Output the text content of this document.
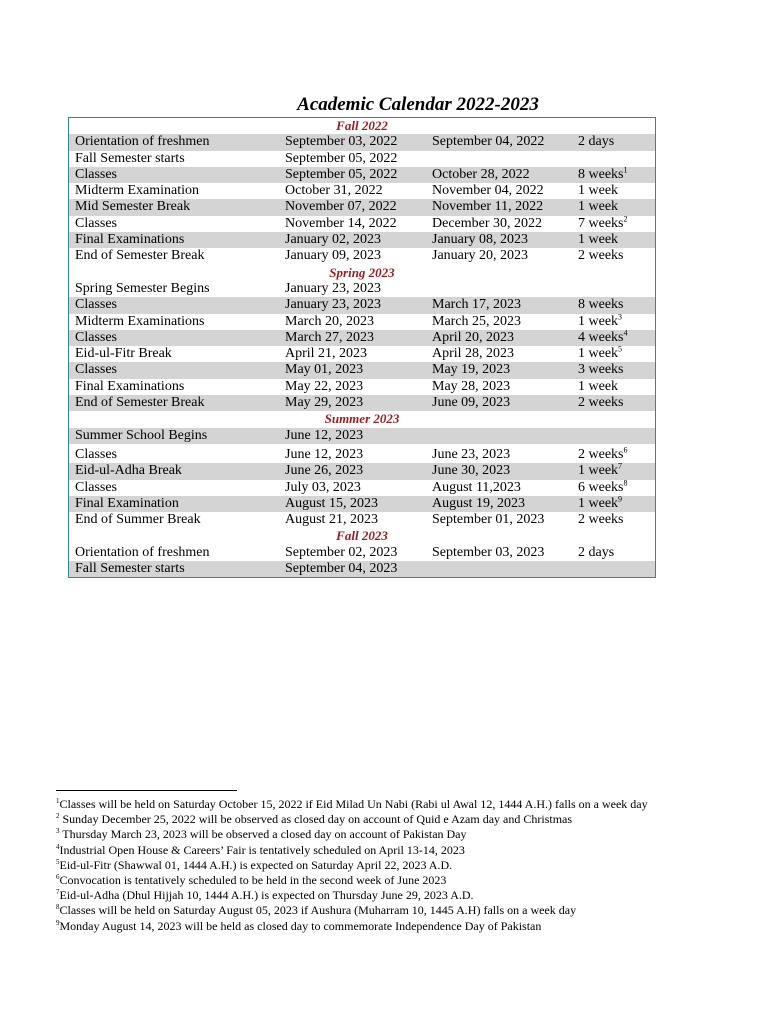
Academic Calendar 2022-2023
Fall 2022
Orientation of freshmen	September 03, 2022 September 04, 2022 2 days
Fall Semester starts	September 05, 2022
Classes	September 05, 2022 October 28, 2022	8 weeks$^1$
Midterm Examination	October 31, 2022	November 04, 2022 1 week
Mid Semester Break	November 07, 2022	November 11, 2022 1 week
Classes	November 14, 2022	December 30, 2022	7 weeks$^2$
Final Examinations	January 02, 2023	January 08, 2023	1 week
End of Semester Break	January 09, 2023	January 20, 2023	2 weeks
Spring 2023
Spring Semester Begins	January 23, 2023
Classes	January 23, 2023	March 17, 2023	8 weeks
Midterm Examinations	March 20, 2023	March 25, 2023	1 week$^3$
Classes	March 27, 2023	April 20, 2023	4 weeks$^4$
Eid-ul-Fitr Break	April 21, 2023	April 28, 2023	1 week$^5$
Classes	May 01, 2023	May 19, 2023	3 weeks
Final Examinations	May 22, 2023	May 28, 2023	1 week
End of Semester Break	May 29, 2023	June 09, 2023	2 weeks
Summer 2023
Summer School Begins	June 12, 2023
Classes	June 12, 2023	June 23, 2023	2 weeks$^6$
Eid-ul-Adha Break	June 26, 2023	June 30, 2023	1 week$^7$
Classes	July 03, 2023	August 11,2023	6 weeks$^8$
Final Examination	August 15, 2023	August 19, 2023	1 week$^9$
End of Summer Break	August 21, 2023	September 01, 2023 2 weeks
Fall 2023
Orientation of freshmen	September 02, 2023 September 03, 2023 2 days
Fall Semester starts	September 04, 2023
$^1$Classes will be held on Saturday October 15, 2022 if Eid Milad Un Nabi (Rabi ul Awal 12, 1444 A.H.) falls on a week day
$^2$ Sunday December 25, 2022 will be observed as closed day on account of Quid e Azam day and Christmas
$^3$ Thursday March 23, 2023 will be observed a closed day on account of Pakistan Day
$^4$Industrial Open House & Careers’ Fair is tentatively scheduled on April 13-14, 2023
$^5$Eid-ul-Fitr (Shawwal 01, 1444 A.H.) is expected on Saturday April 22, 2023 A.D.
$^6$Convocation is tentatively scheduled to be held in the second week of June 2023
$^7$Eid-ul-Adha (Dhul Hijjah 10, 1444 A.H.) is expected on Thursday June 29, 2023 A.D.
$^8$Classes will be held on Saturday August 05, 2023 if Aushura (Muharram 10, 1445 A.H) falls on a week day
$^9$Monday August 14, 2023 will be held as closed day to commemorate Independence Day of Pakistan
